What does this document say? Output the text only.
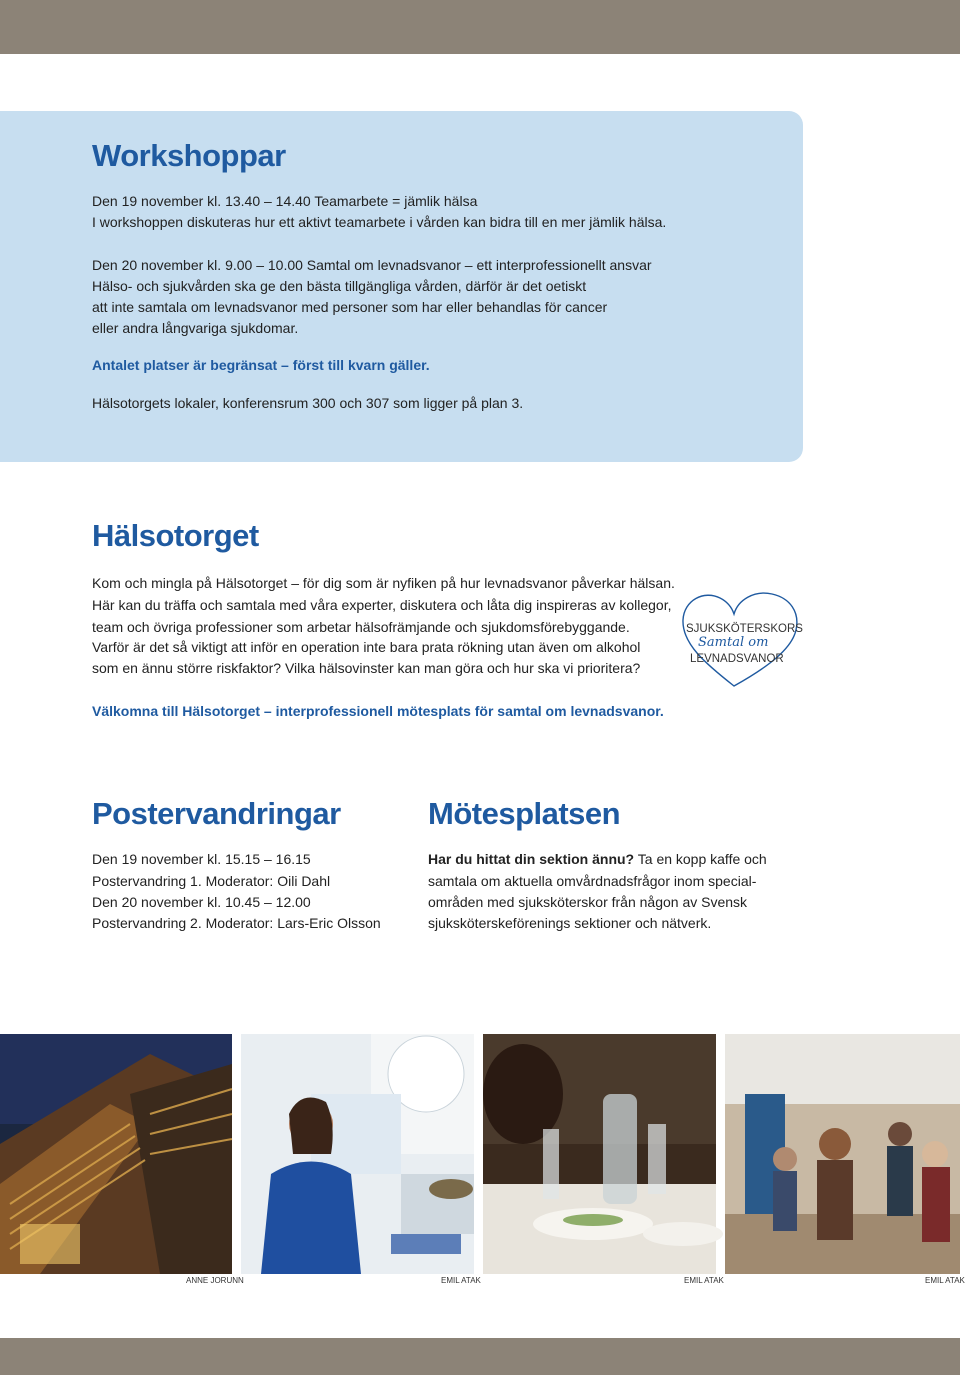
Workshoppar
Den 19 november kl. 13.40 – 14.40 Teamarbete = jämlik hälsa
I workshoppen diskuteras hur ett aktivt teamarbete i vården kan bidra till en mer jämlik hälsa.
Den 20 november kl. 9.00 – 10.00 Samtal om levnadsvanor – ett interprofessionellt ansvar
Hälso- och sjukvården ska ge den bästa tillgängliga vården, därför är det oetiskt
att inte samtala om levnadsvanor med personer som har eller behandlas för cancer
eller andra långvariga sjukdomar.
Antalet platser är begränsat – först till kvarn gäller.
Hälsotorgets lokaler, konferensrum 300 och 307 som ligger på plan 3.
Hälsotorget
Kom och mingla på Hälsotorget – för dig som är nyfiken på hur levnadsvanor påverkar hälsan.
Här kan du träffa och samtala med våra experter, diskutera och låta dig inspireras av kollegor,
team och övriga professioner som arbetar hälsofrämjande och sjukdomsförebyggande.
Varför är det så viktigt att inför en operation inte bara prata rökning utan även om alkohol
som en ännu större riskfaktor? Vilka hälsovinster kan man göra och hur ska vi prioritera?
Välkomna till Hälsotorget – interprofessionell mötesplats för samtal om levnadsvanor.
SJUKSKÖTERSKORS
Samtal om
LEVNADSVANOR
Postervandringar
Den 19 november kl. 15.15 – 16.15
Postervandring 1. Moderator: Oili Dahl
Den 20 november kl. 10.45 – 12.00
Postervandring 2. Moderator: Lars-Eric Olsson
Mötesplatsen
Har du hittat din sektion ännu? Ta en kopp kaffe och
samtala om aktuella omvårdnadsfrågor inom special-
områden med sjuksköterskor från någon av Svensk
sjuksköterskeförenings sektioner och nätverk.
ANNE JORUNN	EMIL ATAK	EMIL ATAK	EMIL ATAK
